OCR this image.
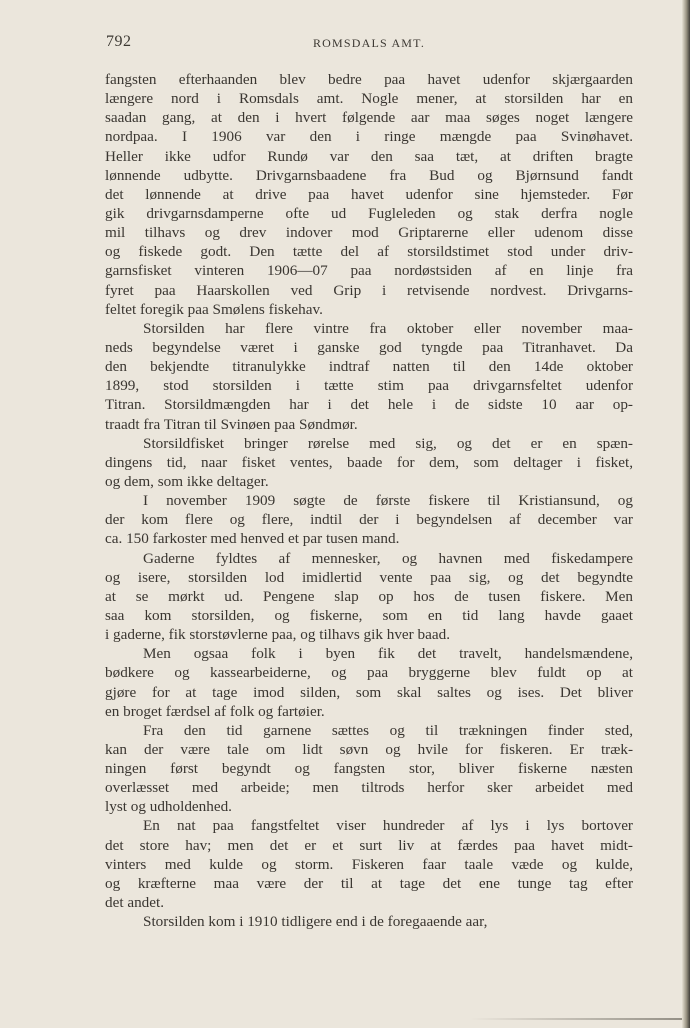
792	ROMSDALS AMT.
fangsten efterhaanden blev bedre paa havet udenfor skjærgaarden
længere nord i Romsdals amt. Nogle mener, at storsilden har en
saadan gang, at den i hvert følgende aar maa søges noget længere
nordpaa. I 1906 var den i ringe mængde paa Svinøhavet.
Heller ikke udfor Rundø var den saa tæt, at driften bragte
lønnende udbytte. Drivgarnsbaadene fra Bud og Bjørnsund fandt
det lønnende at drive paa havet udenfor sine hjemsteder. Før
gik drivgarnsdamperne ofte ud Fugleleden og stak derfra nogle
mil tilhavs og drev indover mod Griptarerne eller udenom disse
og fiskede godt. Den tætte del af storsildstimet stod under driv-
garnsfisket vinteren 1906—07 paa nordøstsiden af en linje fra
fyret paa Haarskollen ved Grip i retvisende nordvest. Drivgarns-
feltet foregik paa Smølens fiskehav.
Storsilden har flere vintre fra oktober eller november maa-
neds begyndelse været i ganske god tyngde paa Titranhavet. Da
den bekjendte titranulykke indtraf natten til den 14de oktober
1899, stod storsilden i tætte stim paa drivgarnsfeltet udenfor
Titran. Storsildmængden har i det hele i de sidste 10 aar op-
traadt fra Titran til Svinøen paa Søndmør.
Storsildfisket bringer rørelse med sig, og det er en spæn-
dingens tid, naar fisket ventes, baade for dem, som deltager i fisket,
og dem, som ikke deltager.
I november 1909 søgte de første fiskere til Kristiansund, og
der kom flere og flere, indtil der i begyndelsen af december var
ca. 150 farkoster med henved et par tusen mand.
Gaderne fyldtes af mennesker, og havnen med fiskedampere
og isere, storsilden lod imidlertid vente paa sig, og det begyndte
at se mørkt ud. Pengene slap op hos de tusen fiskere. Men
saa kom storsilden, og fiskerne, som en tid lang havde gaaet
i gaderne, fik storstøvlerne paa, og tilhavs gik hver baad.
Men ogsaa folk i byen fik det travelt, handelsmændene,
bødkere og kassearbeiderne, og paa bryggerne blev fuldt op at
gjøre for at tage imod silden, som skal saltes og ises. Det bliver
en broget færdsel af folk og fartøier.
Fra den tid garnene sættes og til trækningen finder sted,
kan der være tale om lidt søvn og hvile for fiskeren. Er træk-
ningen først begyndt og fangsten stor, bliver fiskerne næsten
overlæsset med arbeide; men tiltrods herfor sker arbeidet med
lyst og udholdenhed.
En nat paa fangstfeltet viser hundreder af lys i lys bortover
det store hav; men det er et surt liv at færdes paa havet midt-
vinters med kulde og storm. Fiskeren faar taale væde og kulde,
og kræfterne maa være der til at tage det ene tunge tag efter
det andet.
Storsilden kom i 1910 tidligere end i de foregaaende aar,
